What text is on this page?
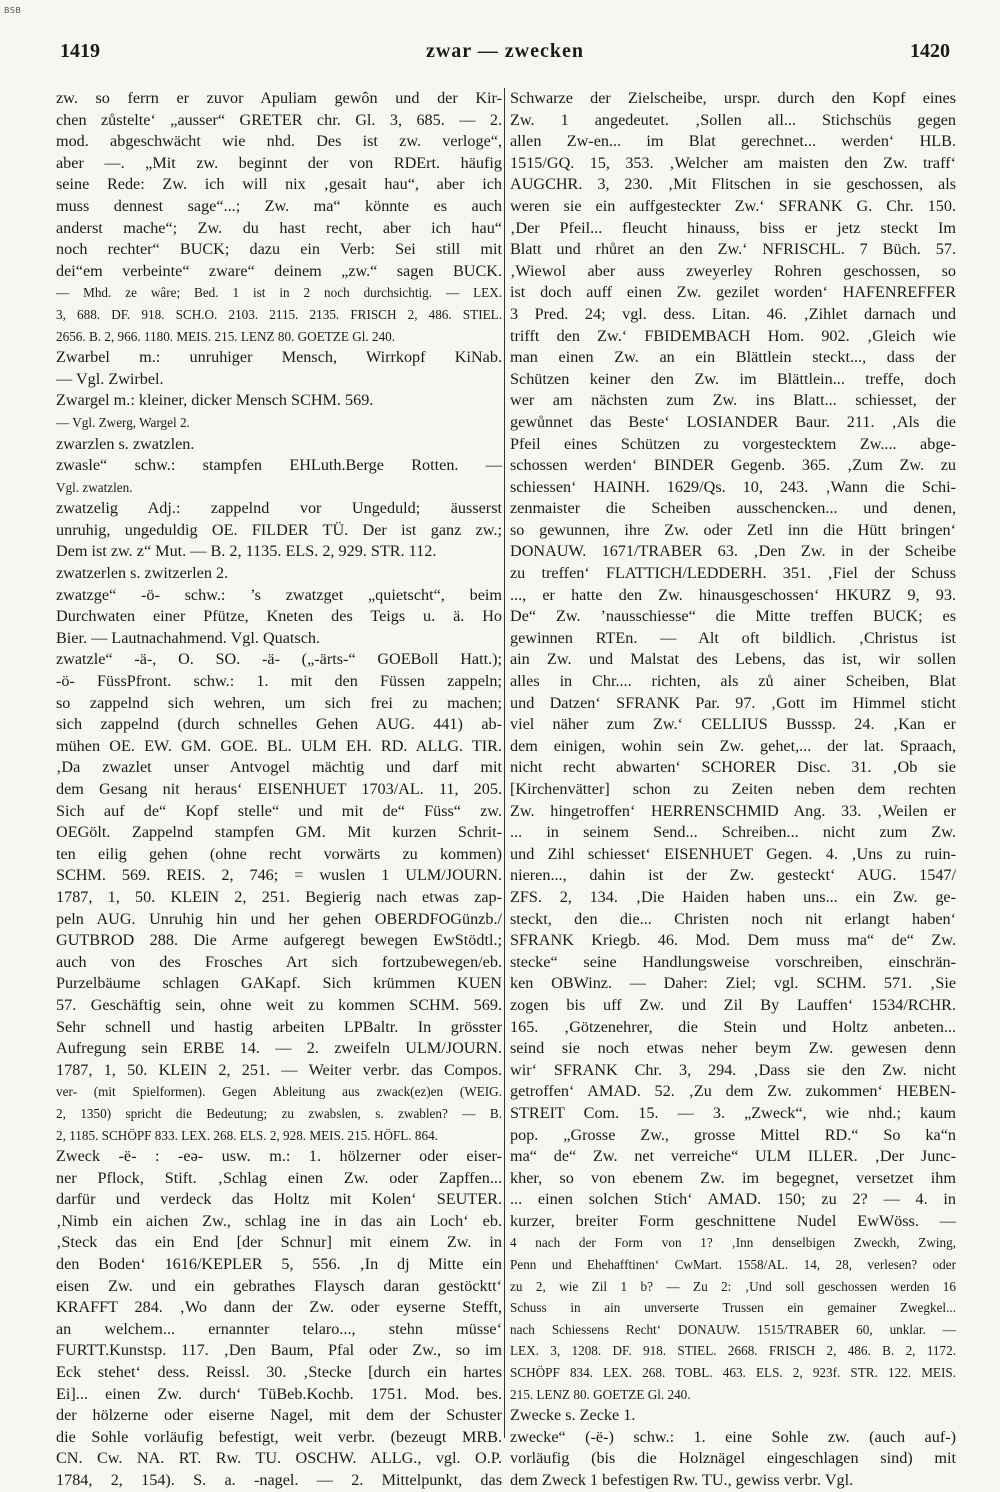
BSB
1419	zwar — zwecken	1420
zw. so ferrn er zuvor Apuliam gewôn und der Kir-
chen zůstelte‘ „ausser“ GRETER chr. Gl. 3, 685. — 2.
mod. abgeschwächt wie nhd. Des ist zw. verloge“,
aber —. „Mit zw. beginnt der von RDErt. häufig
seine Rede: Zw. ich will nix ‚gesait hau“, aber ich
muss dennest sage“...; Zw. ma“ könnte es auch
anderst mache“; Zw. du hast recht, aber ich hau“
noch rechter“ BUCK; dazu ein Verb: Sei still mit
dei“em verbeinte“ zware“ deinem „zw.“ sagen BUCK.
— Mhd. ze wâre; Bed. 1 ist in 2 noch durchsichtig. — LEX.
3, 688. DF. 918. SCH.O. 2103. 2115. 2135. FRISCH 2, 486. STIEL.
2656. B. 2, 966. 1180. MEIS. 215. LENZ 80. GOETZE Gl. 240.
Zwarbel m.: unruhiger Mensch, Wirrkopf KiNab.
— Vgl. Zwirbel.
Zwargel m.: kleiner, dicker Mensch SCHM. 569.
— Vgl. Zwerg, Wargel 2.
zwarzlen s. zwatzlen.
zwasle“ schw.: stampfen EHLuth.Berge Rotten. —
Vgl. zwatzlen.
zwatzelig Adj.: zappelnd vor Ungeduld; äusserst
unruhig, ungeduldig OE. FILDER TÜ. Der ist ganz zw.;
Dem ist zw. z“ Mut. — B. 2, 1135. ELS. 2, 929. STR. 112.
zwatzerlen s. zwitzerlen 2.
zwatzge“ -ö- schw.: ’s zwatzget „quietscht“, beim
Durchwaten einer Pfütze, Kneten des Teigs u. ä. Ho
Bier. — Lautnachahmend. Vgl. Quatsch.
zwatzle“ -ä-, O. SO. -ä- („-ärts-“ GOEBoll Hatt.);
-ö- FüssPfront. schw.: 1. mit den Füssen zappeln;
so zappelnd sich wehren, um sich frei zu machen;
sich zappelnd (durch schnelles Gehen AUG. 441) ab-
mühen OE. EW. GM. GOE. BL. ULM EH. RD. ALLG. TIR.
‚Da zwazlet unser Antvogel mächtig und darf mit
dem Gesang nit heraus‘ EISENHUET 1703/AL. 11, 205.
Sich auf de“ Kopf stelle“ und mit de“ Füss“ zw.
OEGölt. Zappelnd stampfen GM. Mit kurzen Schrit-
ten eilig gehen (ohne recht vorwärts zu kommen)
SCHM. 569. REIS. 2, 746; = wuslen 1 ULM/JOURN.
1787, 1, 50. KLEIN 2, 251. Begierig nach etwas zap-
peln AUG. Unruhig hin und her gehen OBERDFOGünzb./
GUTBROD 288. Die Arme aufgeregt bewegen EwStödtl.;
auch von des Frosches Art sich fortzubewegen/eb.
Purzelbäume schlagen GAKapf. Sich krümmen KUEN
57. Geschäftig sein, ohne weit zu kommen SCHM. 569.
Sehr schnell und hastig arbeiten LPBaltr. In grösster
Aufregung sein ERBE 14. — 2. zweifeln ULM/JOURN.
1787, 1, 50. KLEIN 2, 251. — Weiter verbr. das Compos.
ver- (mit Spielformen). Gegen Ableitung aus zwack(ez)en (WEIG.
2, 1350) spricht die Bedeutung; zu zwabslen, s. zwablen? — B.
2, 1185. SCHÖPF 833. LEX. 268. ELS. 2, 928. MEIS. 215. HÖFL. 864.
Zweck -ë- : -eə- usw. m.: 1. hölzerner oder eiser-
ner Pflock, Stift. ‚Schlag einen Zw. oder Zapffen...
darfür und verdeck das Holtz mit Kolen‘ SEUTER.
‚Nimb ein aichen Zw., schlag ine in das ain Loch‘ eb.
‚Steck das ein End [der Schnur] mit einem Zw. in
den Boden‘ 1616/KEPLER 5, 556. ‚In dj Mitte ein
eisen Zw. und ein gebrathes Flaysch daran gestöcktt‘
KRAFFT 284. ‚Wo dann der Zw. oder eyserne Stefft,
an welchem... ernannter telaro..., stehn müsse‘
FURTT.Kunstsp. 117. ‚Den Baum, Pfal oder Zw., so im
Eck stehet‘ dess. Reissl. 30. ‚Stecke [durch ein hartes
Ei]... einen Zw. durch‘ TüBeb.Kochb. 1751. Mod. bes.
der hölzerne oder eiserne Nagel, mit dem der Schuster
die Sohle vorläufig befestigt, weit verbr. (bezeugt MRB.
CN. Cw. NA. RT. Rw. TU. OSCHW. ALLG., vgl. O.P.
1784, 2, 154). S. a. -nagel. — 2. Mittelpunkt, das
Schwarze der Zielscheibe, urspr. durch den Kopf eines
Zw. 1 angedeutet. ‚Sollen all... Stichschüs gegen
allen Zw-en... im Blat gerechnet... werden‘ HLB.
1515/GQ. 15, 353. ‚Welcher am maisten den Zw. traff‘
AUGCHR. 3, 230. ‚Mit Flitschen in sie geschossen, als
weren sie ein auffgesteckter Zw.‘ SFRANK G. Chr. 150.
‚Der Pfeil... fleucht hinauss, biss er jetz steckt Im
Blatt und rhůret an den Zw.‘ NFRISCHL. 7 Büch. 57.
‚Wiewol aber auss zweyerley Rohren geschossen, so
ist doch auff einen Zw. gezilet worden‘ HAFENREFFER
3 Pred. 24; vgl. dess. Litan. 46. ‚Zihlet darnach und
trifft den Zw.‘ FBIDEMBACH Hom. 902. ‚Gleich wie
man einen Zw. an ein Blättlein steckt..., dass der
Schützen keiner den Zw. im Blättlein... treffe, doch
wer am nächsten zum Zw. ins Blatt... schiesset, der
gewůnnet das Beste‘ LOSIANDER Baur. 211. ‚Als die
Pfeil eines Schützen zu vorgestecktem Zw.... abge-
schossen werden‘ BINDER Gegenb. 365. ‚Zum Zw. zu
schiessen‘ HAINH. 1629/Qs. 10, 243. ‚Wann die Schi-
zenmaister die Scheiben ausschencken... und denen,
so gewunnen, ihre Zw. oder Zetl inn die Hütt bringen‘
DONAUW. 1671/TRABER 63. ‚Den Zw. in der Scheibe
zu treffen‘ FLATTICH/LEDDERH. 351. ‚Fiel der Schuss
..., er hatte den Zw. hinausgeschossen‘ HKURZ 9, 93.
De“ Zw. ’nausschiesse“ die Mitte treffen BUCK; es
gewinnen RTEn. — Alt oft bildlich. ‚Christus ist
ain Zw. und Malstat des Lebens, das ist, wir sollen
alles in Chr.... richten, als zů ainer Scheiben, Blat
und Datzen‘ SFRANK Par. 97. ‚Gott im Himmel sticht
viel näher zum Zw.‘ CELLIUS Busssp. 24. ‚Kan er
dem einigen, wohin sein Zw. gehet,... der lat. Spraach,
nicht recht abwarten‘ SCHORER Disc. 31. ‚Ob sie
[Kirchenvätter] schon zu Zeiten neben dem rechten
Zw. hingetroffen‘ HERRENSCHMID Ang. 33. ‚Weilen er
... in seinem Send... Schreiben... nicht zum Zw.
und Zihl schiesset‘ EISENHUET Gegen. 4. ‚Uns zu ruin-
nieren..., dahin ist der Zw. gesteckt‘ AUG. 1547/
ZFS. 2, 134. ‚Die Haiden haben uns... ein Zw. ge-
steckt, den die... Christen noch nit erlangt haben‘
SFRANK Kriegb. 46. Mod. Dem muss ma“ de“ Zw.
stecke“ seine Handlungsweise vorschreiben, einschrän-
ken OBWinz. — Daher: Ziel; vgl. SCHM. 571. ‚Sie
zogen bis uff Zw. und Zil By Lauffen‘ 1534/RCHR.
165. ‚Götzenehrer, die Stein und Holtz anbeten...
seind sie noch etwas neher beym Zw. gewesen denn
wir‘ SFRANK Chr. 3, 294. ‚Dass sie den Zw. nicht
getroffen‘ AMAD. 52. ‚Zu dem Zw. zukommen‘ HEBEN-
STREIT Com. 15. — 3. „Zweck“, wie nhd.; kaum
pop. „Grosse Zw., grosse Mittel RD.“ So ka“n
ma“ de“ Zw. net verreiche“ ULM ILLER. ‚Der Junc-
kher, so von ebenem Zw. im begegnet, versetzet ihm
... einen solchen Stich‘ AMAD. 150; zu 2? — 4. in
kurzer, breiter Form geschnittene Nudel EwWöss. —
4 nach der Form von 1? ‚Inn denselbigen Zweckh, Zwing,
Penn und Ehehafftinen‘ CwMart. 1558/AL. 14, 28, verlesen? oder
zu 2, wie Zil 1 b? — Zu 2: ‚Und soll geschossen werden 16
Schuss in ain unverserte Trussen ein gemainer Zwegkel...
nach Schiessens Recht‘ DONAUW. 1515/TRABER 60, unklar. —
LEX. 3, 1208. DF. 918. STIEL. 2668. FRISCH 2, 486. B. 2, 1172.
SCHÖPF 834. LEX. 268. TOBL. 463. ELS. 2, 923f. STR. 122. MEIS.
215. LENZ 80. GOETZE Gl. 240.
Zwecke s. Zecke 1.
zwecke“ (-ë-) schw.: 1. eine Sohle zw. (auch auf-)
vorläufig (bis die Holznägel eingeschlagen sind) mit
dem Zweck 1 befestigen Rw. TU., gewiss verbr. Vgl.
